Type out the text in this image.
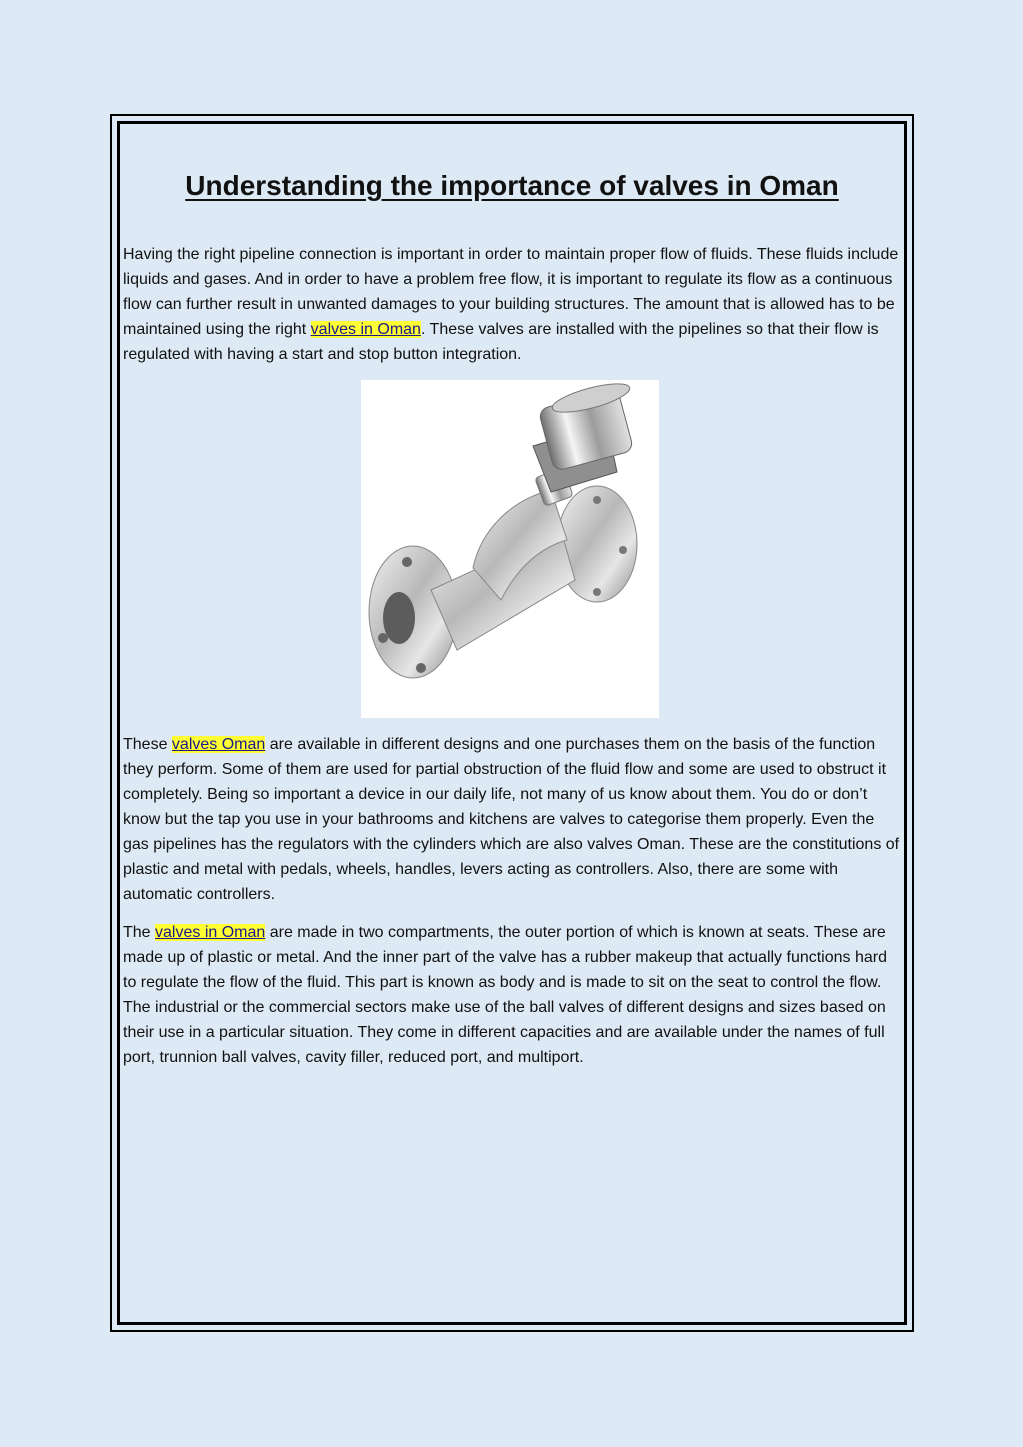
Understanding the importance of valves in Oman

Having the right pipeline connection is important in order to maintain proper flow of fluids. These fluids include liquids and gases. And in order to have a problem free flow, it is important to regulate its flow as a continuous flow can further result in unwanted damages to your building structures. The amount that is allowed has to be maintained using the right valves in Oman. These valves are installed with the pipelines so that their flow is regulated with having a start and stop button integration.

These valves Oman are available in different designs and one purchases them on the basis of the function they perform. Some of them are used for partial obstruction of the fluid flow and some are used to obstruct it completely. Being so important a device in our daily life, not many of us know about them. You do or don’t know but the tap you use in your bathrooms and kitchens are valves to categorise them properly. Even the gas pipelines has the regulators with the cylinders which are also valves Oman. These are the constitutions of plastic and metal with pedals, wheels, handles, levers acting as controllers. Also, there are some with automatic controllers.

The valves in Oman are made in two compartments, the outer portion of which is known at seats. These are made up of plastic or metal. And the inner part of the valve has a rubber makeup that actually functions hard to regulate the flow of the fluid. This part is known as body and is made to sit on the seat to control the flow. The industrial or the commercial sectors make use of the ball valves of different designs and sizes based on their use in a particular situation. They come in different capacities and are available under the names of full port, trunnion ball valves, cavity filler, reduced port, and multiport.
